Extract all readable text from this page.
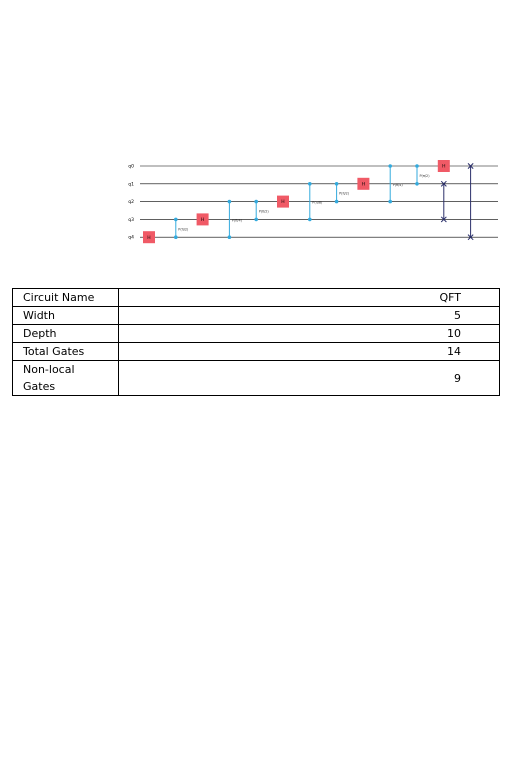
q0
q1
q2
q3
q4	H
P(π/2)
H	P(π/4)
P(π/2)
H	P(π/8)
P(π/2)
H	P(π/4)
P(π/2)
H
Circuit Name	QFT
Width	5
Depth	10
Total Gates	14
Non-local Gates	9
